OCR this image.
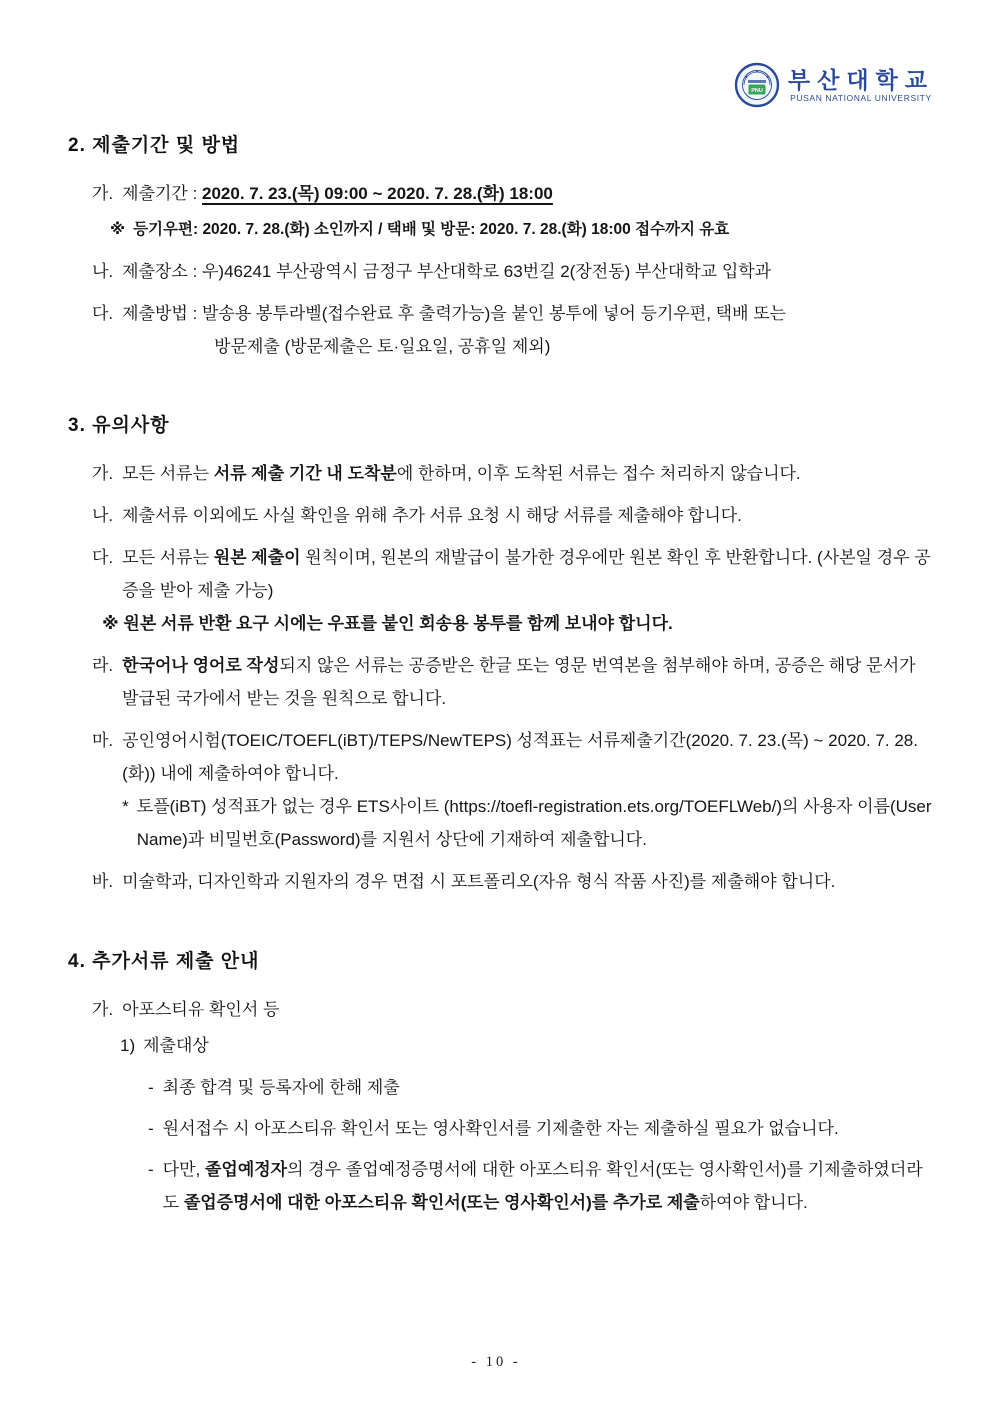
PNU 부산대학교
PUSAN NATIONAL UNIVERSITY
2. 제출기간 및 방법
가. 제출기간 : 2020. 7. 23.(목) 09:00 ~ 2020. 7. 28.(화) 18:00
※ 등기우편: 2020. 7. 28.(화) 소인까지 / 택배 및 방문: 2020. 7. 28.(화) 18:00 접수까지 유효
나. 제출장소 : 우)46241 부산광역시 금정구 부산대학로 63번길 2(장전동) 부산대학교 입학과
다. 제출방법 : 발송용 봉투라벨(접수완료 후 출력가능)을 붙인 봉투에 넣어 등기우편, 택배 또는
방문제출 (방문제출은 토·일요일, 공휴일 제외)
3. 유의사항
가. 모든 서류는 서류 제출 기간 내 도착분에 한하며, 이후 도착된 서류는 접수 처리하지 않습니다.
나. 제출서류 이외에도 사실 확인을 위해 추가 서류 요청 시 해당 서류를 제출해야 합니다.
다. 모든 서류는 원본 제출이 원칙이며, 원본의 재발급이 불가한 경우에만 원본 확인 후 반환합니다. (사본일 경우 공증을 받아 제출 가능)
※ 원본 서류 반환 요구 시에는 우표를 붙인 회송용 봉투를 함께 보내야 합니다.
라. 한국어나 영어로 작성되지 않은 서류는 공증받은 한글 또는 영문 번역본을 첨부해야 하며, 공증은 해당 문서가 발급된 국가에서 받는 것을 원칙으로 합니다.
마. 공인영어시험(TOEIC/TOEFL(iBT)/TEPS/NewTEPS) 성적표는 서류제출기간(2020. 7. 23.(목) ~ 2020. 7. 28.(화)) 내에 제출하여야 합니다.
* 토플(iBT) 성적표가 없는 경우 ETS사이트 (https://toefl-registration.ets.org/TOEFLWeb/)의 사용자 이름(User Name)과 비밀번호(Password)를 지원서 상단에 기재하여 제출합니다.
바. 미술학과, 디자인학과 지원자의 경우 면접 시 포트폴리오(자유 형식 작품 사진)를 제출해야 합니다.
4. 추가서류 제출 안내
가. 아포스티유 확인서 등
1) 제출대상
- 최종 합격 및 등록자에 한해 제출
- 원서접수 시 아포스티유 확인서 또는 영사확인서를 기제출한 자는 제출하실 필요가 없습니다.
- 다만, 졸업예정자의 경우 졸업예정증명서에 대한 아포스티유 확인서(또는 영사확인서)를 기제출하였더라도 졸업증명서에 대한 아포스티유 확인서(또는 영사확인서)를 추가로 제출하여야 합니다.
- 10 -
